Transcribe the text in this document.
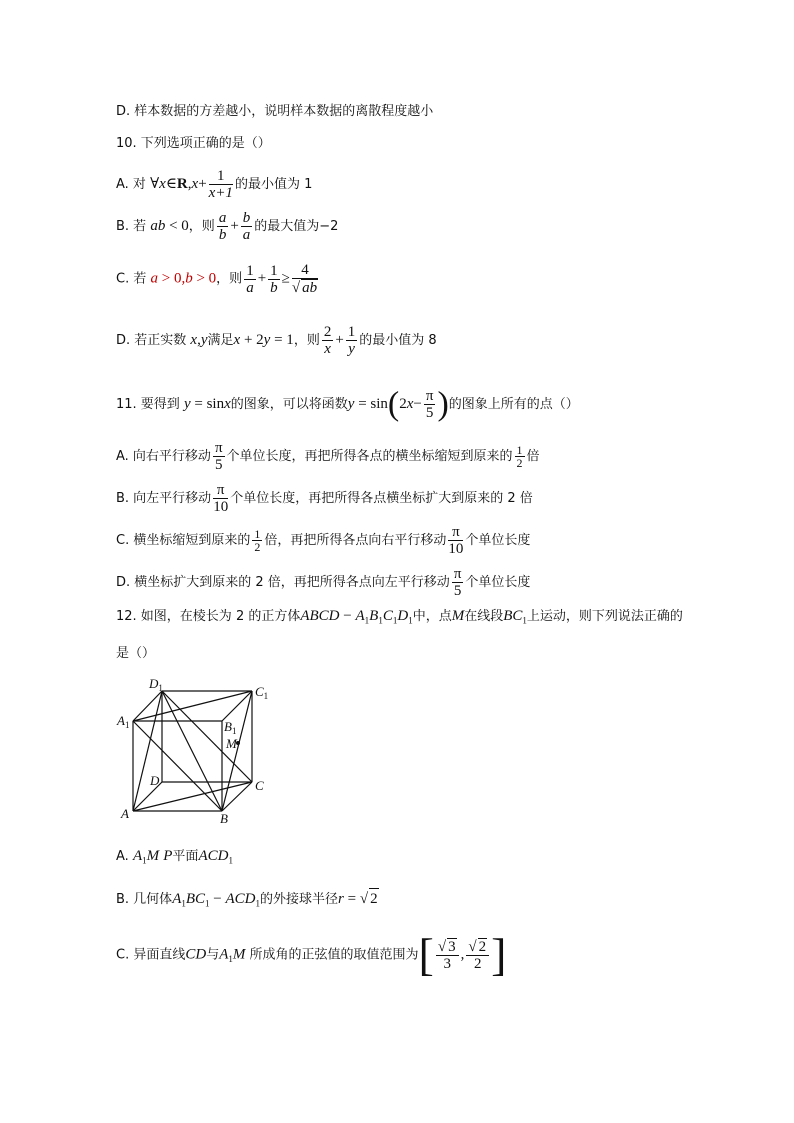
D. 样本数据的方差越小，说明样本数据的离散程度越小
10. 下列选项正确的是（）
A. 对 ∀x∈R,x+ $\frac{1}{x+1}$ 的最小值为 1
B. 若 ab < 0，则 $\frac{a}{b} + \frac{b}{a}$ 的最大值为−2
C. 若 a > 0,b > 0，则 $\frac{1}{a} + \frac{1}{b} \ge \frac{4}{√ ab}$
D. 若正实数 x,y满足x + 2y = 1，则 $\frac{2}{x} + \frac{1}{y}$ 的最小值为 8
11. 要得到 y = sinx的图象，可以将函数$y = \sin(2x- \frac{\pi}{5}$ )的图象上所有的点（）
A. 向右平行移动 $\frac{\pi}{5}$ 个单位长度，再把所得各点的横坐标缩短到原来的 $\frac{1}{2}$ 倍
B. 向左平行移动 $\frac{\pi}{10}$ 个单位长度，再把所得各点横坐标扩大到原来的 2 倍
C. 横坐标缩短到原来的 $\frac{1}{2}$ 倍，再把所得各点向右平行移动 $\frac{\pi}{10}$ 个单位长度
D. 横坐标扩大到原来的 2 倍，再把所得各点向左平行移动 $\frac{\pi}{5}$ 个单位长度
12. 如图，在棱长为 2 的正方体ABCD − $A_1B_1C_1D_1$中，点M在线段$BC_1$上运动，则下列说法正确的
是（）
$D_1$	$C_1$
$A_1$	$B_1$
M
D	C
A	B
A. $A_1M$ P平面$ACD_1$
B. 几何体$A_1BC_1 - ACD_1$的外接球半径r = √ 2
C. 异面直线CD与$A_1M$ 所成角的正弦值的取值范围为[ $\frac{√ 3}{3}$ , $\frac{√ 2}{2}$ ]
